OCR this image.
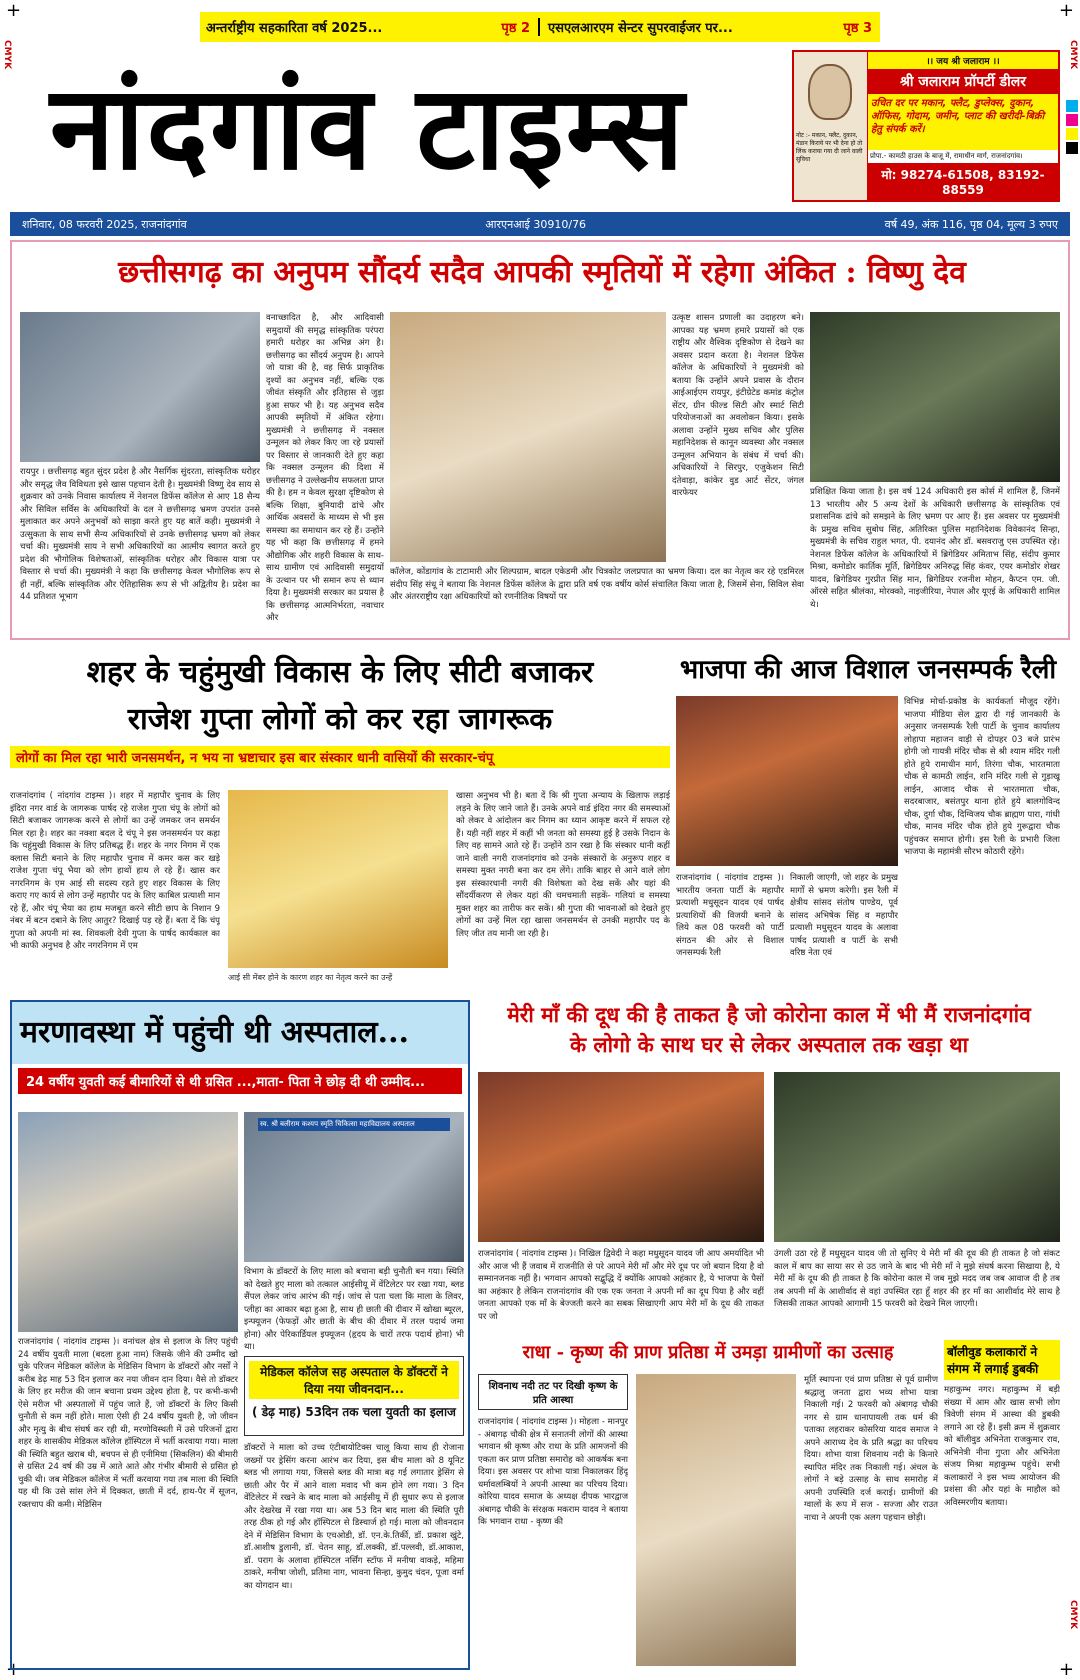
+	+
+	+
CMYK	CMYK
CMYK
अन्तर्राष्ट्रीय सहकारिता वर्ष 2025...	पृष्ठ 2	एसएलआरएम सेन्टर सुपरवाईजर पर...	पृष्ठ 3
नांदगांव टाइम्स	नोट :- मकान, फ्लैट, दुकान, मंडान किराये पर भी देना हो तो लिंक कराया गया दी जाने वाली सुविधा
।। जय श्री जलाराम ।।
श्री जलाराम प्रॉपर्टी डीलर
उचित दर पर मकान, फ्लैट, डुप्लेक्स, दुकान, ऑफिस, गोदाम, जमीन, प्लाट की खरीदी-बिक्री हेतु संपर्क करें।
प्रोपा.- कामठी हाउस के बाजू में, रामाधीन मार्ग, राजनांदगांव।
मो: 98274-61508, 83192-88559
शनिवार, 08 फरवरी 2025, राजनांदगांव	आरएनआई 30910/76	वर्ष 49, अंक 116, पृष्ठ 04, मूल्य 3 रुपए
छत्तीसगढ़ का अनुपम सौंदर्य सदैव आपकी स्मृतियों में रहेगा अंकित : विष्णु देव
रायपुर । छत्तीसगढ़ बहुत सुंदर प्रदेश है और नैसर्गिक सुंदरता, सांस्कृतिक धरोहर और समृद्ध जैव विविधता इसे खास पहचान देती है। मुख्यमंत्री विष्णु देव साय से शुक्रवार को उनके निवास कार्यालय में नेशनल डिफेंस कॉलेज से आए 18 सैन्य और सिविल सर्विस के अधिकारियों के दल ने छत्तीसगढ़ भ्रमण उपरांत उनसे मुलाकात कर अपने अनुभवों को साझा करते हुए यह बातें कही। मुख्यमंत्री ने उत्सुकता के साथ सभी सैन्य अधिकारियों से उनके छत्तीसगढ़ भ्रमण को लेकर चर्चा की। मुख्यमंत्री साय ने सभी अधिकारियों का आत्मीय स्वागत करते हुए प्रदेश की भौगोलिक विशेषताओं, सांस्कृतिक धरोहर और विकास यात्रा पर विस्तार से चर्चा की। मुख्यमंत्री ने कहा कि छत्तीसगढ़ केवल भौगोलिक रूप से ही नहीं, बल्कि सांस्कृतिक और ऐतिहासिक रूप से भी अद्वितीय है। प्रदेश का 44 प्रतिशत भूभाग
वनाच्छादित है, और आदिवासी समुदायों की समृद्ध सांस्कृतिक परंपरा हमारी धरोहर का अभिन्न अंग है। छत्तीसगढ़ का सौंदर्य अनुपम है। आपने जो यात्रा की है, वह सिर्फ प्राकृतिक दृश्यों का अनुभव नहीं, बल्कि एक जीवंत संस्कृति और इतिहास से जुड़ा हुआ सफर भी है। यह अनुभव सदैव आपकी स्मृतियों में अंकित रहेगा। मुख्यमंत्री ने छत्तीसगढ़ में नक्सल उन्मूलन को लेकर किए जा रहे प्रयासों पर विस्तार से जानकारी देते हुए कहा कि नक्सल उन्मूलन की दिशा में छत्तीसगढ़ ने उल्लेखनीय सफलता प्राप्त की है। हम न केवल सुरक्षा दृष्टिकोण से बल्कि शिक्षा, बुनियादी ढांचे और आर्थिक अवसरों के माध्यम से भी इस समस्या का समाधान कर रहे हैं। उन्होंने यह भी कहा कि छत्तीसगढ़ में हमने औद्योगिक और शहरी विकास के साथ-साथ ग्रामीण एवं आदिवासी समुदायों के उत्थान पर भी समान रूप से ध्यान दिया है। मुख्यमंत्री सरकार का प्रयास है कि छत्तीसगढ़ आत्मनिर्भरता, नवाचार और
कॉलेज, कोंडागांव के टाटामारी और शिल्पग्राम, बादल एकेडमी और चित्रकोट जलप्रपात का भ्रमण किया। दल का नेतृत्व कर रहे एडमिरल संदीप सिंह संधू ने बताया कि नेशनल डिफेंस कॉलेज के द्वारा प्रति वर्ष एक वर्षीय कोर्स संचालित किया जाता है, जिसमें सेना, सिविल सेवा और अंतरराष्ट्रीय रक्षा अधिकारियों को रणनीतिक विषयों पर
उत्कृष्ट शासन प्रणाली का उदाहरण बने। आपका यह भ्रमण हमारे प्रयासों को एक राष्ट्रीय और वैश्विक दृष्टिकोण से देखने का अवसर प्रदान करता है। नेशनल डिफेंस कॉलेज के अधिकारियों ने मुख्यमंत्री को बताया कि उन्होंने अपने प्रवास के दौरान आईआईएम रायपुर, इंटीग्रेटेड कमांड कंट्रोल सेंटर, ग्रीन फील्ड सिटी और स्मार्ट सिटी परियोजनाओं का अवलोकन किया। इसके अलावा उन्होंने मुख्य सचिव और पुलिस महानिदेशक से कानून व्यवस्था और नक्सल उन्मूलन अभियान के संबंध में चर्चा की। अधिकारियों ने सिरपुर, एजुकेशन सिटी दंतेवाड़ा, कांकेर वुड आर्ट सेंटर, जंगल वारफेयर	प्रशिक्षित किया जाता है। इस वर्ष 124 अधिकारी इस कोर्स में शामिल हैं, जिनमें 13 भारतीय और 5 अन्य देशों के अधिकारी छत्तीसगढ़ के सांस्कृतिक एवं प्रशासनिक ढांचे को समझने के लिए भ्रमण पर आए हैं। इस अवसर पर मुख्यमंत्री के प्रमुख सचिव सुबोध सिंह, अतिरिक्त पुलिस महानिदेशक विवेकानंद सिन्हा, मुख्यमंत्री के सचिव राहुल भगत, पी. दयानंद और डॉ. बसवराजु एस उपस्थित रहे। नेशनल डिफेंस कॉलेज के अधिकारियों में ब्रिगेडियर अमिताभ सिंह, संदीप कुमार मिश्रा, कमोडोर कार्तिक मूर्ति, ब्रिगेडियर अनिरुद्ध सिंह कंवर, एयर कमोडोर शेखर यादव, ब्रिगेडियर गुरप्रीत सिंह मान, ब्रिगेडियर रजनीश मोहन, कैप्टन एम. जी. ऑरसे सहित श्रीलंका, मोरक्को, नाइजीरिया, नेपाल और यूएई के अधिकारी शामिल थे।
शहर के चहुंमुखी विकास के लिए सीटी बजाकर
राजेश गुप्ता लोगों को कर रहा जागरूक
लोगों का मिल रहा भारी जनसमर्थन, न भय ना भ्रष्टाचार इस बार संस्कार धानी वासियों की सरकार-चंपू
राजनांदगांव ( नांदगांव टाइम्स )। शहर में महापौर चुनाव के लिए इंदिरा नगर वार्ड के जागरूक पार्षद रहे राजेश गुप्ता चंपू के लोगों को सिटी बजाकर जागरूक करने से लोगों का उन्हें जमकर जन समर्थन मिल रहा है। शहर का नक्शा बदल दे चंपू ने इस जनसमर्थन पर कहा कि चहुंमुखी विकास के लिए प्रतिबद्ध हैं। शहर के नगर निगम में एक क्लास सिटी बनाने के लिए महापौर चुनाव में कमर कस कर खड़े राजेश गुप्ता चंपू भैया को लोग हाथों हाथ ले रहे हैं। खास कर नगरनिगम के एम आई सी सदस्य रहते हुए शहर विकास के लिए कराए गए कार्य से लोग उन्हें महापौर पद के लिए काबिल प्रत्याशी मान रहे हैं, और चंपू भैया का हाथ मजबूत करने सीटी छाप के निशान 9 नंबर में बटन दबाने के लिए आतुर? दिखाई पड़ रहे हैं। बता दें कि चंपू गुप्ता को अपनी मां स्व. शिवकली देवी गुप्ता के पार्षद कार्यकाल का भी काफी अनुभव है और नगरनिगम में एम
आई सी मेंबर होने के कारण शहर का नेतृत्व करने का उन्हें
खासा अनुभव भी है। बता दें कि श्री गुप्ता अन्याय के खिलाफ लड़ाई लड़ने के लिए जाने जाते हैं। उनके अपने वार्ड इंदिरा नगर की समस्याओं को लेकर वे आंदोलन कर निगम का ध्यान आकृष्ट करने में सफल रहे हैं। यही नहीं शहर में कहीं भी जनता को समस्या हुई है उसके निदान के लिए वह सामने आते रहे हैं। उन्होंने ठान रखा है कि संस्कार धानी कहीं जाने वाली नगरी राजनांदगांव को उनके संस्कारों के अनुरूप शहर व समस्या मुक्त नगरी बना कर दम लेंगे। ताकि बाहर से आने वाले लोग इस संस्कारधानी नगरी की विशेषता को देख सकें और यहां की सौंदर्यीकरण से लेकर यहां की चमचमाती सड़कें- गलियां व समस्या मुक्त शहर का तारीफ कर सकें। श्री गुप्ता की भावनाओं को देखते हुए लोगों का उन्हें मिल रहा खासा जनसमर्थन से उनकी महापौर पद के लिए जीत तय मानी जा रही है।
भाजपा की आज विशाल जनसम्पर्क रैली
राजनांदगांव ( नांदगांव टाइम्स )। भारतीय जनता पार्टी के महापौर प्रत्याशी मधुसूदन यादव एवं पार्षद प्रत्याशियों की विजयी बनाने के लिये कल 08 फरवरी को पार्टी संगठन की ओर से विशाल जनसम्पर्क रैली
निकाली जाएगी, जो शहर के प्रमुख मार्गों से भ्रमण करेगी। इस रैली में क्षेत्रीय सांसद संतोष पाण्डेय, पूर्व सांसद अभिषेक सिंह व महापौर प्रत्याशी मधुसूदन यादव के अलावा पार्षद प्रत्याशी व पार्टी के सभी वरिष्ठ नेता एवं
विभिन्न मोर्चा-प्रकोष्ठ के कार्यकर्ता मौजूद रहेंगे। भाजपा मीडिया सेल द्वारा दी गई जानकारी के अनुसार जनसम्पर्क रैली पार्टी के चुनाव कार्यालय लोहापा महाजन वाड़ी से दोपहर 03 बजे प्रारंभ होगी जो गायत्री मंदिर चौक से श्री श्याम मंदिर गली होते हुये रामाधीन मार्ग, तिरंगा चौक, भारतमाता चौक से कामठी लाईन, शनि मंदिर गली से गुड़ाखू लाईन, आजाद चौक से भारतमाता चौक, सदरबाजार, बसंतपुर थाना होते हुये बालगोविन्द चौक, दुर्गा चौक, दिग्विजय चौक ब्राह्मण पारा, गांधी चौक, मानव मंदिर चौक होते हुये गुरूद्वारा चौक पहुंचकर समाप्त होगी। इस रैली के प्रभारी जिला भाजपा के महामंत्री सौरभ कोठारी रहेंगे।
मरणावस्था में पहुंची थी अस्पताल...
24 वर्षीय युवती कई बीमारियों से थी ग्रसित ...,माता- पिता ने छोड़ दी थी उम्मीद...
स्व. श्री बलीराम कश्यप स्मृति चिकित्सा महाविद्यालय अस्पताल
विभाग के डॉक्टरों के लिए माला को बचाना बड़ी चुनौती बन गया। स्थिति को देखते हुए माला को तत्काल आईसीयू में वेंटिलेटर पर रखा गया, ब्लड सैंपल लेकर जांच आरंभ की गई। जांच से पता चला कि माला के लिवर, प्लीहा का आकार बढ़ा हुआ है, साथ ही छाती की दीवार में खोखा ब्यूरल, इन्फ्यूजन (फेफड़ों और छाती के बीच की दीवार में तरल पदार्थ जमा होना) और पेरिकार्डियल इफ्यूजन (हृदय के चारों तरफ पदार्थ होना) भी था।
राजनांदगांव ( नांदगांव टाइम्स )। वनांचल क्षेत्र से इलाज के लिए पहुंची 24 वर्षीय युवती माला (बदला हुआ नाम) जिसके जीने की उम्मीद खो चुके परिजन मेडिकल कॉलेज के मेडिसिन विभाग के डॉक्टरों और नर्सों ने करीब डेढ़ माह 53 दिन इलाज कर नया जीवन दान दिया। वैसे तो डॉक्टर के लिए हर मरीज की जान बचाना प्रथम उद्देश्य होता है, पर कभी-कभी ऐसे मरीज भी अस्पतालों में पहुंच जाते हैं, जो डॉक्टरों के लिए किसी चुनौती से कम नहीं होते। माला ऐसी ही 24 वर्षीय युवती है, जो जीवन और मृत्यु के बीच संघर्ष कर रही थी, मरणोविस्थती में उसे परिजनों द्वारा शहर के शासकीय मेडिकल कॉलेज हॉस्पिटल में भर्ती करवाया गया। माला की स्थिति बहुत खराब थी, बचपन से ही एनीमिया (सिकलिन) की बीमारी से ग्रसित 24 वर्ष की उम्र में आते आते और गंभीर बीमारी से ग्रसित हो चुकी थी। जब मेडिकल कॉलेज में भर्ती करवाया गया तब माला की स्थिति यह थी कि उसे सांस लेने में दिक्कत, छाती में दर्द, हाथ-पैर में सूजन, रक्तचाप की कमी। मेडिसिन
मेडिकल कॉलेज सह अस्पताल के डॉक्टरों ने दिया नया जीवनदान...
( डेढ़ माह) 53दिन तक चला युवती का इलाज
डॉक्टरों ने माला को उच्च एंटीबायोटिक्स चालू किया साथ ही रोजाना जख्मों पर ड्रेसिंग करना आरंभ कर दिया, इस बीच माला को 8 यूनिट ब्लड भी लगाया गया, जिससे ब्लड की मात्रा बढ़ गई लगातार ड्रेसिंग से छाती और पैर में आने वाला मवाद भी कम होने लग गया। 3 दिन वेंटिलेटर में रखने के बाद माला को आईसीयू में ही सुधार रूप से इलाज और देखरेख में रखा गया था। अब 53 दिन बाद माला की स्थिति पूरी तरह ठीक हो गई और हॉस्पिटल से डिस्चार्ज हो गई। माला को जीवनदान देने में मेडिसिन विभाग के एचओडी, डॉ. एन.के.तिर्की, डॉ. प्रकाश खुंटे, डॉ.आशीष डुलानी, डॉ. चेतन साहू, डॉ.लक्की, डॉ.पल्लवी, डॉ.आकाश, डॉ. पराग के अलावा हॉस्पिटल नर्सिंग स्टॉफ में मनीषा वाकड़े, महिमा ठाकरे, मनीषा जोशी, प्रतिमा नाग, भावना सिन्हा, कुमुद चंदन, पूजा वर्मा का योगदान था।
मेरी माँ की दूध की है ताकत है जो कोरोना काल में भी मैं राजनांदगांव
के लोगो के साथ घर से लेकर अस्पताल तक खड़ा था
राजनांदगांव ( नांदगांव टाइम्स )। निखिल द्विवेदी ने कहा मधुसूदन यादव जी आप अमर्यादित भी और आज भी हैं जवाब में राजनीति से परे आपने मेरी माँ और मेरे दूध पर जो बयान दिया है वो सम्मानजनक नहीं है। भगवान आपको सद्बुद्धि दें क्योंकि आपको अहंकार है, ये भाजपा के पैसों का अहंकार है लेकिन राजनांदगांव की एक एक जनता ने अपनी माँ का दूध पिया है और वहीं जनता आपको एक माँ के बेज्जती करने का सबक सिखाएगी आप मेरी माँ के दूध की ताकत पर जो
उंगली उठा रहे हैं मधुसूदन यादव जी तो सुनिए ये मेरी माँ की दूध की ही ताकत है जो संकट काल में बाप का साया सर से उठ जाने के बाद भी मेरी माँ ने मुझे संघर्ष करना सिखाया है, ये मेरी माँ के दूध की ही ताकत है कि कोरोना काल में जब मुझे मदद जब जब आवाज दी है तब तब अपनी माँ के आशीर्वाद से वहां उपस्थित रहा हूँ शहर की हर माँ का आशीर्वाद मेरे साथ है जिसकी ताकत आपको आगामी 15 फरवरी को देखने मिल जाएगी।
राधा - कृष्ण की प्राण प्रतिष्ठा में उमड़ा ग्रामीणों का उत्साह
शिवनाथ नदी तट पर दिखी कृष्ण के प्रति आस्था
राजनांदगांव ( नांदगांव टाइम्स )। मोहला - मानपुर - अंबागढ़ चौकी क्षेत्र में सनातनी लोगों की आस्था भगवान श्री कृष्ण और राधा के प्रति आमजनों की एकता कर प्राण प्रतिष्ठा समारोह को आकर्षक बना दिया। इस अवसर पर शोभा यात्रा निकालकर हिंदू धर्मावलम्बियों ने अपनी आस्था का परिचय दिया। कोरिया यादव समाज के अध्यक्ष दीपक भारद्वाज अंबागढ़ चौकी के संरक्षक मकराम यादव ने बताया कि भगवान राधा - कृष्ण की
मूर्ति स्थापना एवं प्राण प्रतिष्ठा से पूर्व ग्रामीण श्रद्धालु जनता द्वारा भव्य शोभा यात्रा निकाली गई। 2 फरवरी को अंबागढ़ चौकी नगर से ग्राम धानापायली तक धर्म की पताका लहराकर कोसरिया यादव समाज ने अपने आराध्य देव के प्रति श्रद्धा का परिचय दिया। शोभा यात्रा शिवनाथ नदी के किनारे स्थापित मंदिर तक निकाली गई। अंचल के लोगों ने बड़े उत्साह के साथ समारोह में अपनी उपस्थिति दर्ज कराई। ग्रामीणों की ग्वालों के रूप में सज - सज्जा और राउत नाचा ने अपनी एक अलग पहचान छोड़ी।
बॉलीवुड कलाकारों ने संगम में लगाई डुबकी
महाकुम्भ नगर। महाकुम्भ में बड़ी संख्या में आम और खास सभी लोग त्रिवेणी संगम में आस्था की डुबकी लगाने आ रहे हैं। इसी क्रम में शुक्रवार को बॉलीवुड अभिनेता राजकुमार राव, अभिनेत्री नीना गुप्ता और अभिनेता संजय मिश्रा महाकुम्भ पहुंचे। सभी कलाकारों ने इस भव्य आयोजन की प्रशंसा की और यहां के माहौल को अविस्मरणीय बताया।
